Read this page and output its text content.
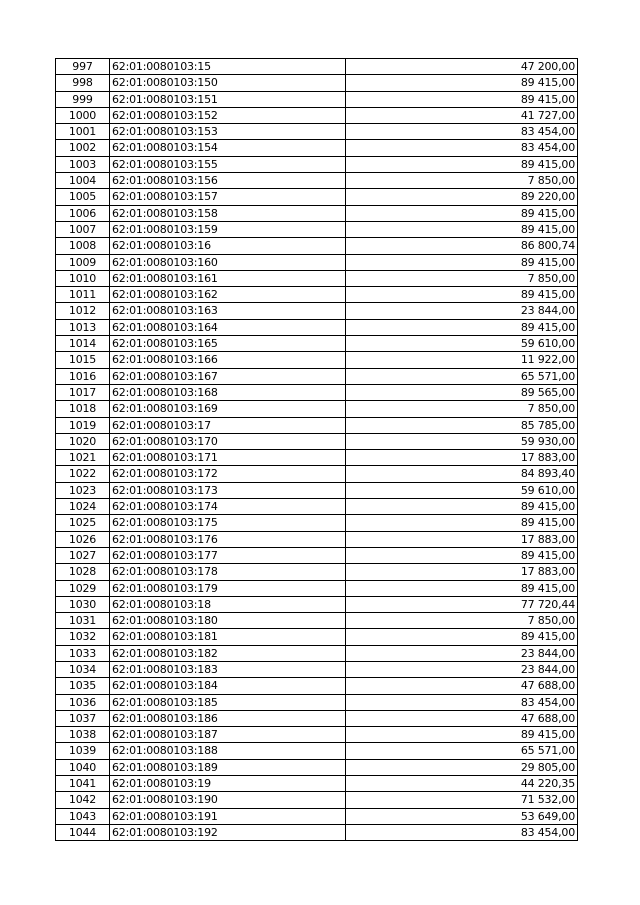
997	62:01:0080103:15	47 200,00
998	62:01:0080103:150	89 415,00
999	62:01:0080103:151	89 415,00
1000	62:01:0080103:152	41 727,00
1001	62:01:0080103:153	83 454,00
1002	62:01:0080103:154	83 454,00
1003	62:01:0080103:155	89 415,00
1004	62:01:0080103:156	7 850,00
1005	62:01:0080103:157	89 220,00
1006	62:01:0080103:158	89 415,00
1007	62:01:0080103:159	89 415,00
1008	62:01:0080103:16	86 800,74
1009	62:01:0080103:160	89 415,00
1010	62:01:0080103:161	7 850,00
1011	62:01:0080103:162	89 415,00
1012	62:01:0080103:163	23 844,00
1013	62:01:0080103:164	89 415,00
1014	62:01:0080103:165	59 610,00
1015	62:01:0080103:166	11 922,00
1016	62:01:0080103:167	65 571,00
1017	62:01:0080103:168	89 565,00
1018	62:01:0080103:169	7 850,00
1019	62:01:0080103:17	85 785,00
1020	62:01:0080103:170	59 930,00
1021	62:01:0080103:171	17 883,00
1022	62:01:0080103:172	84 893,40
1023	62:01:0080103:173	59 610,00
1024	62:01:0080103:174	89 415,00
1025	62:01:0080103:175	89 415,00
1026	62:01:0080103:176	17 883,00
1027	62:01:0080103:177	89 415,00
1028	62:01:0080103:178	17 883,00
1029	62:01:0080103:179	89 415,00
1030	62:01:0080103:18	77 720,44
1031	62:01:0080103:180	7 850,00
1032	62:01:0080103:181	89 415,00
1033	62:01:0080103:182	23 844,00
1034	62:01:0080103:183	23 844,00
1035	62:01:0080103:184	47 688,00
1036	62:01:0080103:185	83 454,00
1037	62:01:0080103:186	47 688,00
1038	62:01:0080103:187	89 415,00
1039	62:01:0080103:188	65 571,00
1040	62:01:0080103:189	29 805,00
1041	62:01:0080103:19	44 220,35
1042	62:01:0080103:190	71 532,00
1043	62:01:0080103:191	53 649,00
1044	62:01:0080103:192	83 454,00
